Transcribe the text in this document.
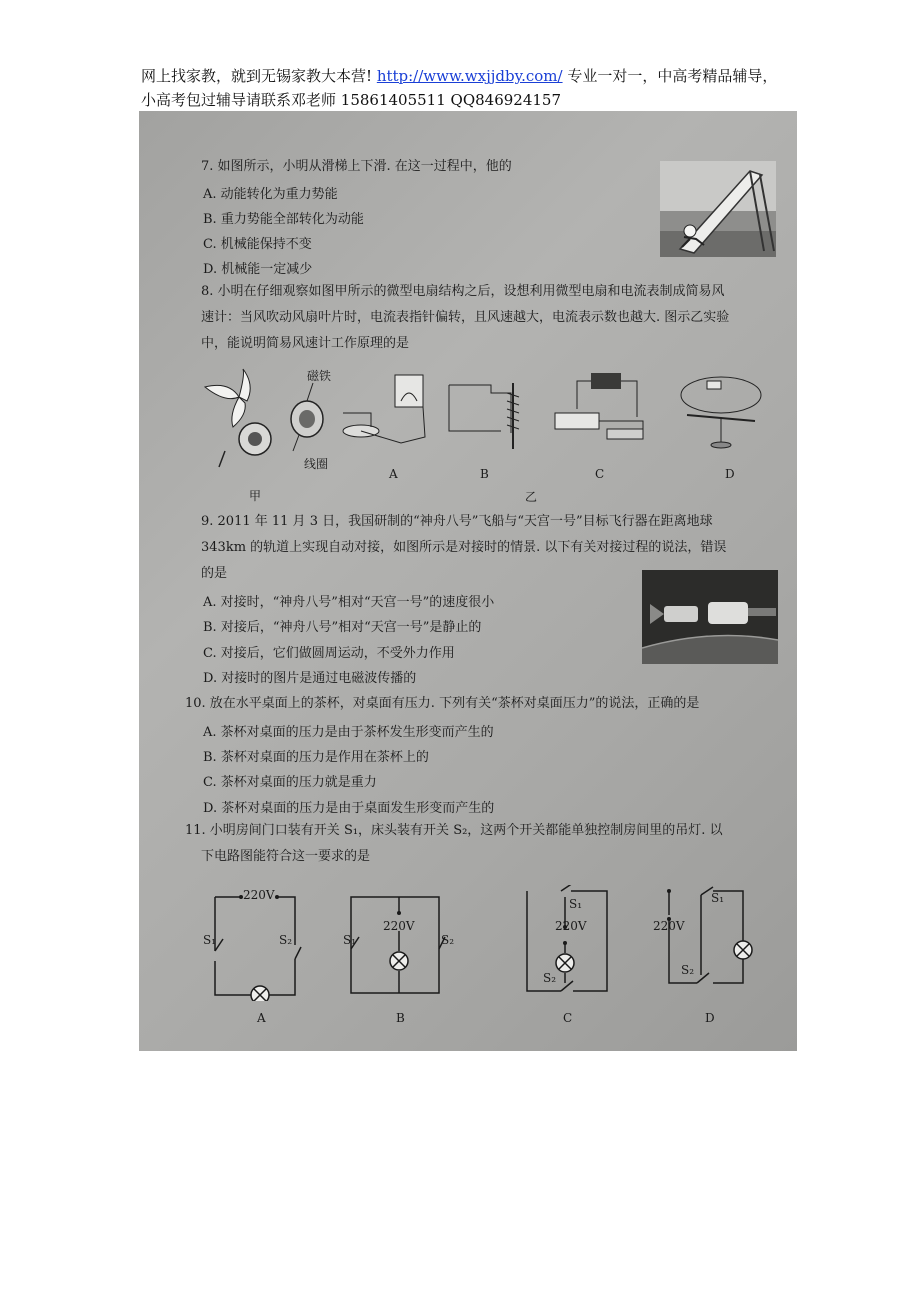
网上找家教，就到无锡家教大本营! http://www.wxjjdby.com/ 专业一对一，中高考精品辅导，
小高考包过辅导请联系邓老师 15861405511 QQ846924157
7. 如图所示，小明从滑梯上下滑. 在这一过程中，他的
A. 动能转化为重力势能
B. 重力势能全部转化为动能
C. 机械能保持不变
D. 机械能一定减少
8. 小明在仔细观察如图甲所示的微型电扇结构之后，设想利用微型电扇和电流表制成简易风
速计：当风吹动风扇叶片时，电流表指针偏转，且风速越大，电流表示数也越大. 图示乙实验
中，能说明简易风速计工作原理的是
磁铁
线圈
甲
A	B	C	D
乙
9. 2011 年 11 月 3 日，我国研制的“神舟八号”飞船与“天宫一号”目标飞行器在距离地球
343km 的轨道上实现自动对接，如图所示是对接时的情景. 以下有关对接过程的说法，错误
的是
A. 对接时，“神舟八号”相对“天宫一号”的速度很小
B. 对接后，“神舟八号”相对“天宫一号”是静止的
C. 对接后，它们做圆周运动，不受外力作用
D. 对接时的图片是通过电磁波传播的
10. 放在水平桌面上的茶杯，对桌面有压力. 下列有关“茶杯对桌面压力”的说法，正确的是
A. 茶杯对桌面的压力是由于茶杯发生形变而产生的
B. 茶杯对桌面的压力是作用在茶杯上的
C. 茶杯对桌面的压力就是重力
D. 茶杯对桌面的压力是由于桌面发生形变而产生的
11. 小明房间门口装有开关 S₁，床头装有开关 S₂，这两个开关都能单独控制房间里的吊灯. 以
下电路图能符合这一要求的是
220V
S₁	S₂
A
220V
S₁	S₂
B
S₁
220V
S₂
C
S₁
220V
S₂
D
